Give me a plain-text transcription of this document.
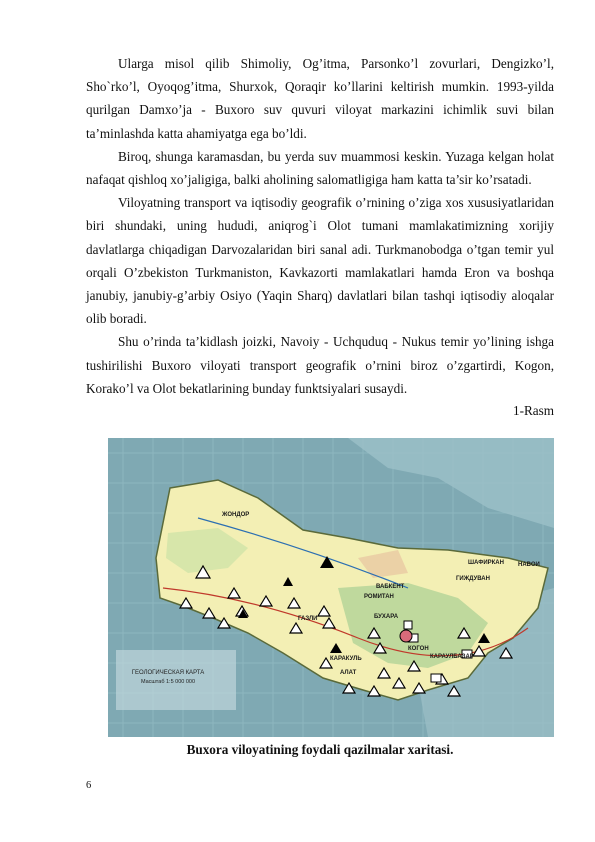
Ularga misol qilib Shimoliy, Og’itma, Parsonko’l zovurlari, Dengizko’l, Sho`rko’l, Oyoqog’itma, Shurxok, Qoraqir ko’llarini keltirish mumkin. 1993-yilda qurilgan Damxo’ja - Buxoro suv quvuri viloyat markazini ichimlik suvi bilan ta’minlashda katta ahamiyatga ega bo’ldi.

Biroq, shunga karamasdan, bu yerda suv muammosi keskin. Yuzaga kelgan holat nafaqat qishloq xo’jaligiga, balki aholining salomatligiga ham katta ta’sir ko’rsatadi.

Viloyatning transport va iqtisodiy geografik o’rnining o’ziga xos xususiyatlaridan biri shundaki, uning hududi, aniqrog`i Olot tumani mamlakatimizning xorijiy davlatlarga chiqadigan Darvozalaridan biri sanal adi. Turkmanobodga o’tgan temir yul orqali O’zbekiston Turkmaniston, Kavkazorti mamlakatlari hamda Eron va boshqa janubiy, janubiy-g’arbiy Osiyo (Yaqin Sharq) davlatlari bilan tashqi iqtisodiy aloqalar olib boradi.

Shu o’rinda ta’kidlash joizki, Navoiy - Uchquduq - Nukus temir yo’lining ishga tushirilishi Buxoro viloyati transport geografik o’rnini biroz o’zgartirdi, Kogon, Korako’l va Olot bekatlarining bunday funktsiyalari susaydi.

1-Rasm
ГЕОЛОГИЧЕСКАЯ КАРТА
Масштаб 1:5 000 000
ЖОНДОР
ГАЗЛИ	БУХАРА
КАРАКУЛЬ
АЛАТ
КАРАУЛБАЗАР
РОМИТАН
ВАБКЕНТ
ГИЖДУВАН
КОГОН
ШАФИРКАН НАВОИ
Buxora viloyatining foydali qazilmalar xaritasi.
6
